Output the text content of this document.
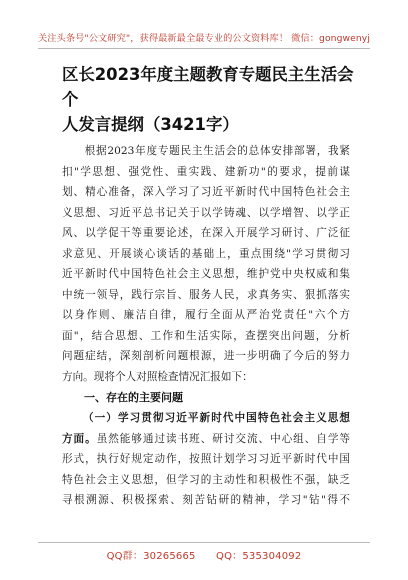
关注头条号"公文研究"，获得最新最全最专业的公文资料库！ 微信：gongwenyj
区长2023年度主题教育专题民主生活会个
人发言提纲（3421字）
　　根据2023年度专题民主生活会的总体安排部署，我紧
扣"学思想、强党性、重实践、建新功"的要求，提前谋
划、精心准备，深入学习了习近平新时代中国特色社会主
义思想、习近平总书记关于以学铸魂、以学增智、以学正
风、以学促干等重要论述，在深入开展学习研讨、广泛征
求意见、开展谈心谈话的基础上，重点围绕"学习贯彻习
近平新时代中国特色社会主义思想，维护党中央权威和集
中统一领导，践行宗旨、服务人民，求真务实、狠抓落实
以身作则、廉洁自律，履行全面从严治党责任"六个方
面"，结合思想、工作和生活实际，查摆突出问题，分析
问题症结，深刻剖析问题根源，进一步明确了今后的努力
方向。现将个人对照检查情况汇报如下：
一、存在的主要问题
（一）学习贯彻习近平新时代中国特色社会主义思想
方面。虽然能够通过读书班、研讨交流、中心组、自学等
形式，执行好规定动作，按照计划学习习近平新时代中国
特色社会主义思想，但学习的主动性和积极性不强，缺乏
寻根溯源、积极探索、刻苦钻研的精神，学习"钻"得不
QQ群：30265665　　QQ：535304092
